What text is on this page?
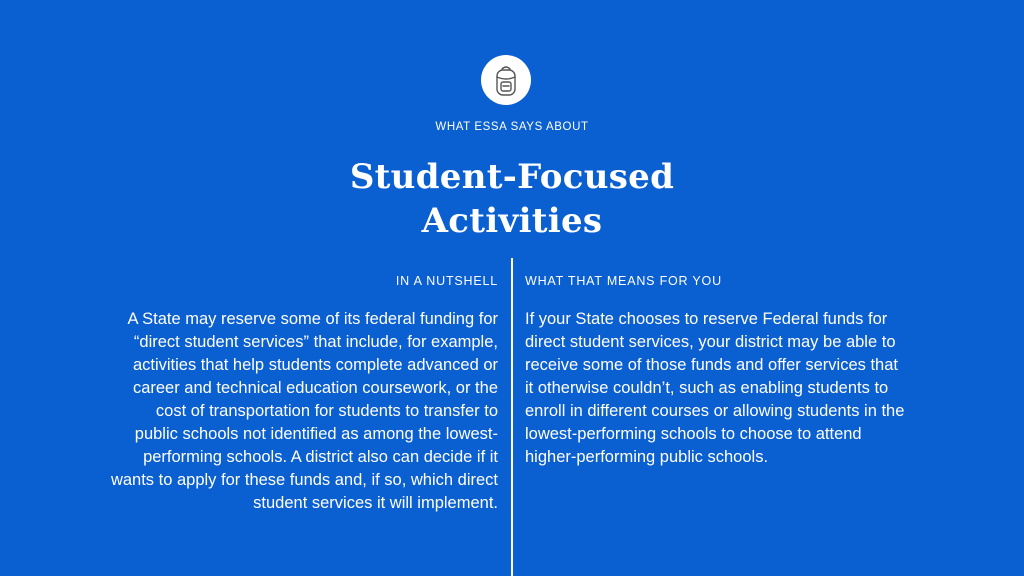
WHAT ESSA SAYS ABOUT
Student-Focused
Activities
IN A NUTSHELL WHAT THAT MEANS FOR YOU
A State may reserve some of its federal funding for
“direct student services” that include, for example,
activities that help students complete advanced or
career and technical education coursework, or the
cost of transportation for students to transfer to
public schools not identified as among the lowest-
performing schools. A district also can decide if it
wants to apply for these funds and, if so, which direct
student services it will implement.
If your State chooses to reserve Federal funds for
direct student services, your district may be able to
receive some of those funds and offer services that
it otherwise couldn’t, such as enabling students to
enroll in different courses or allowing students in the
lowest-performing schools to choose to attend
higher-performing public schools.
